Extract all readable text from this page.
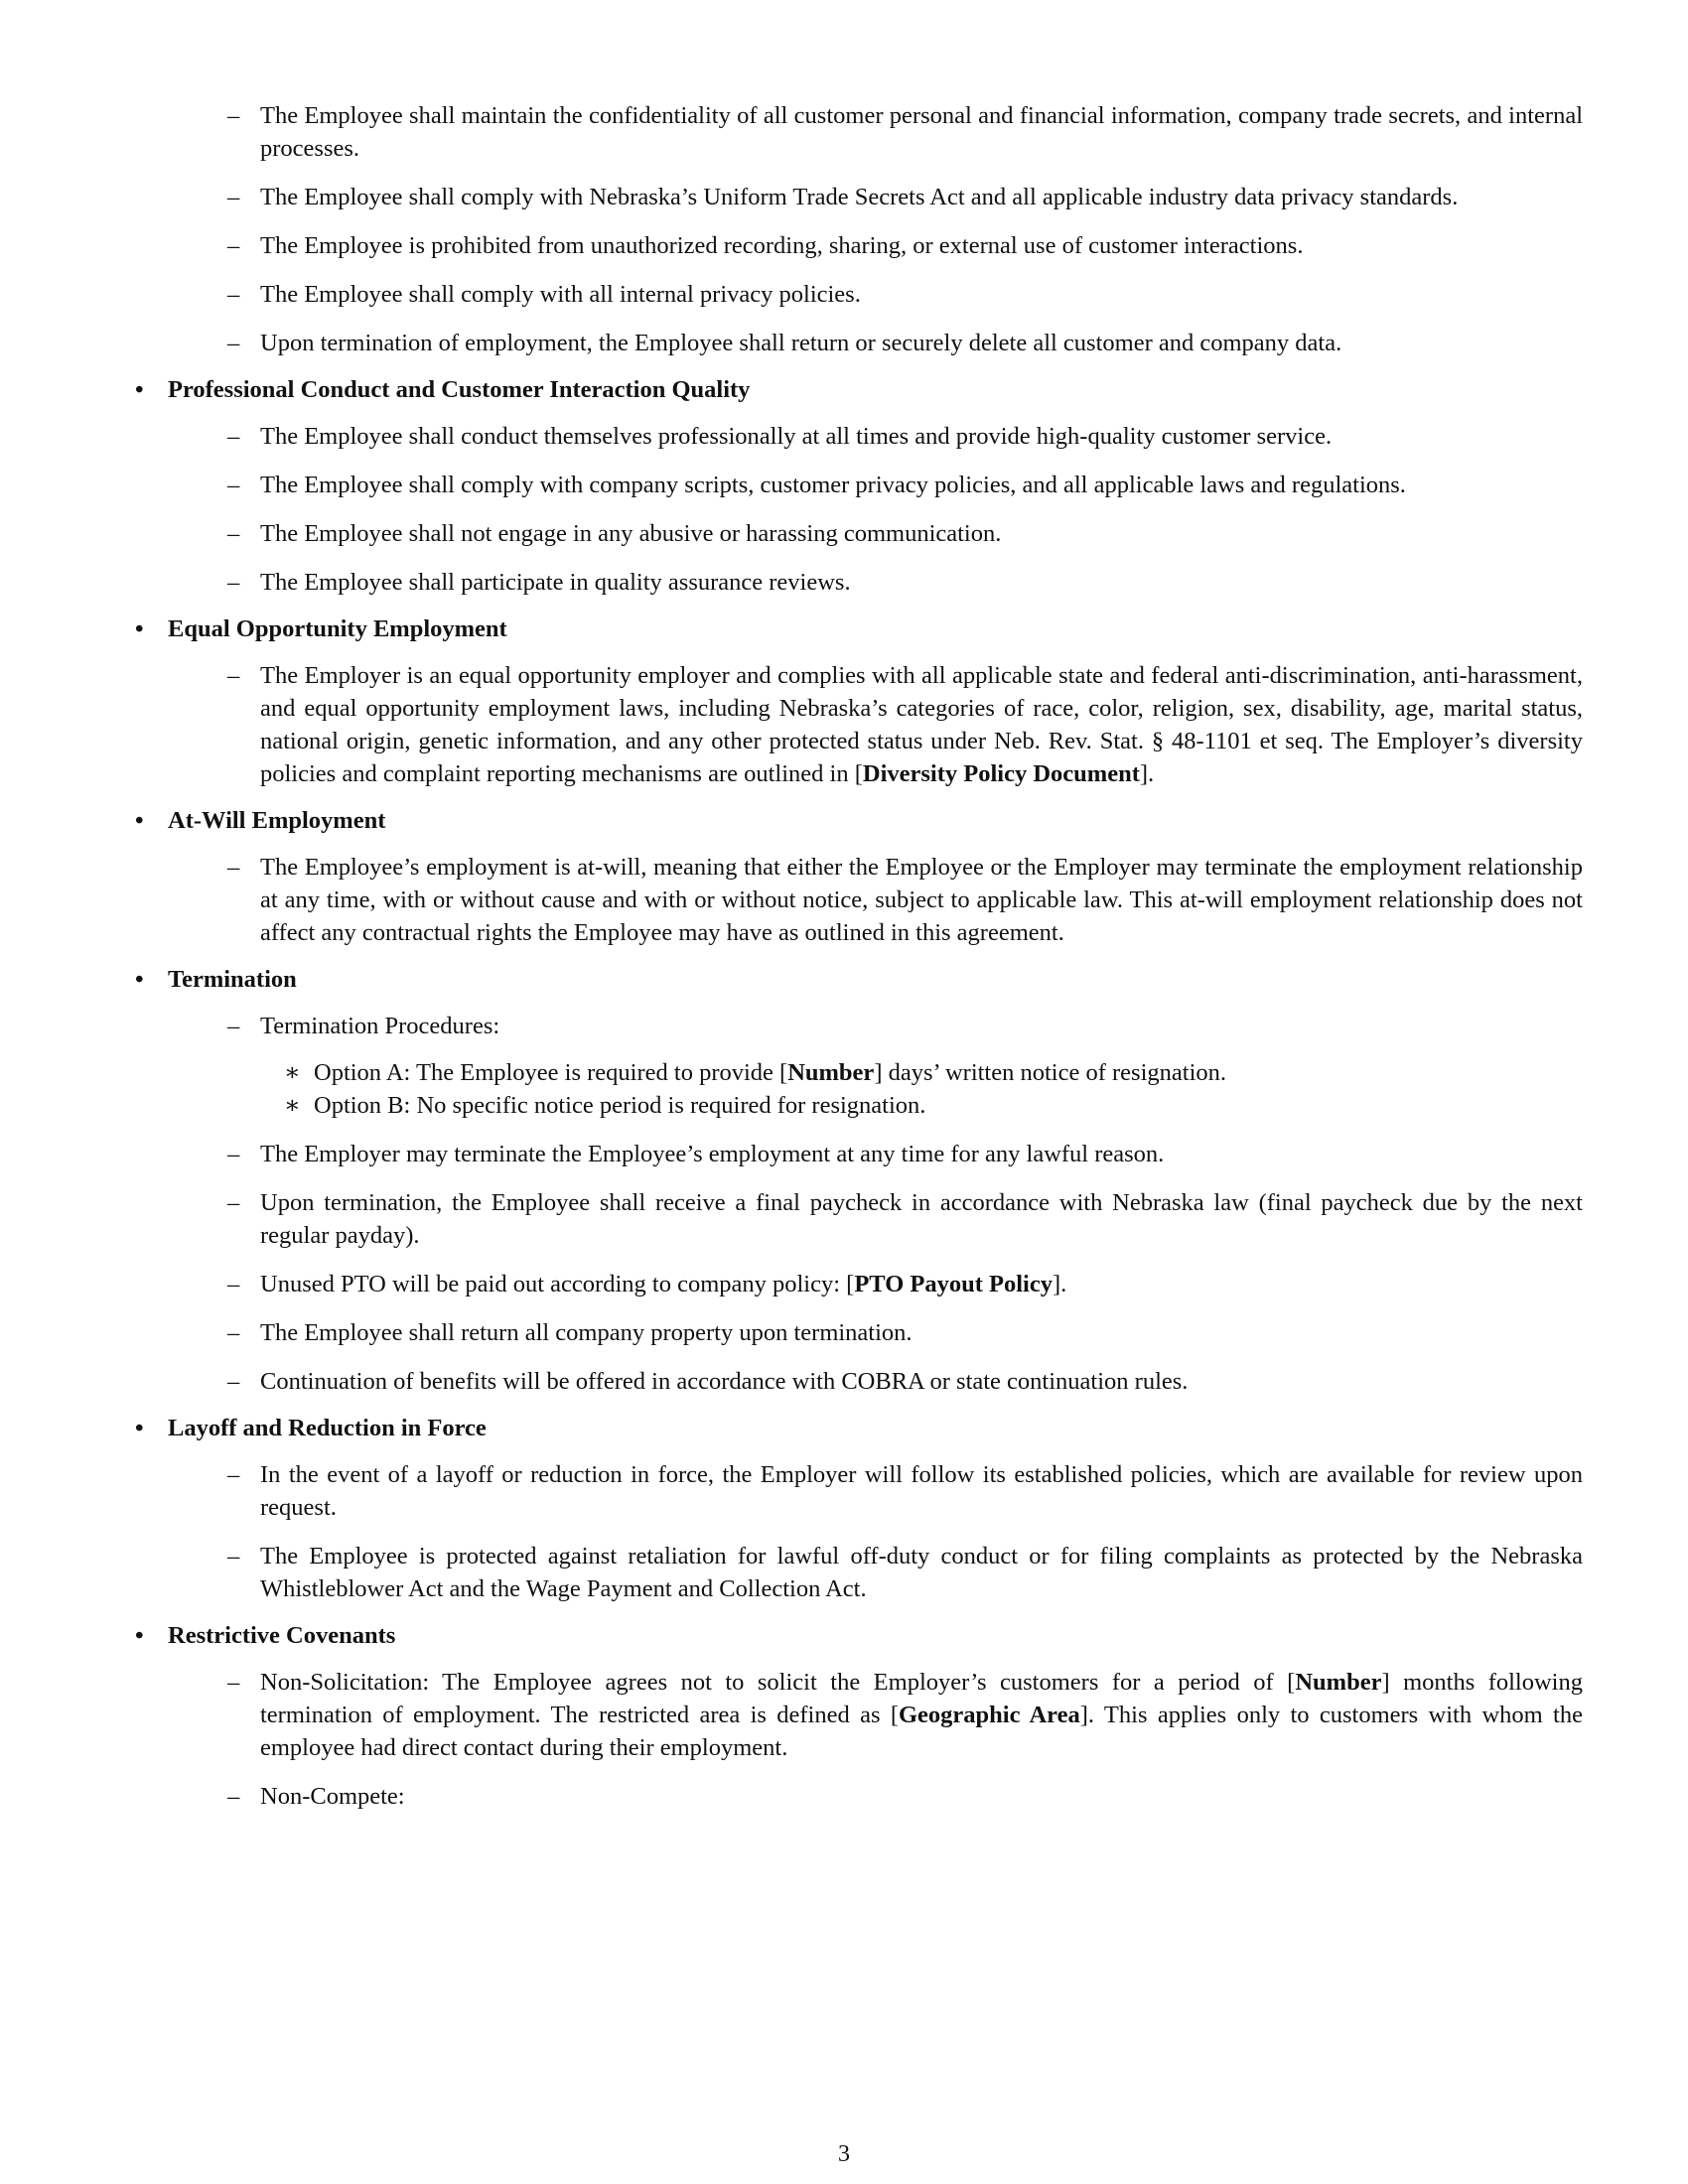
– The Employee shall maintain the confidentiality of all customer personal and financial information, company trade secrets, and internal processes.
– The Employee shall comply with Nebraska’s Uniform Trade Secrets Act and all applicable industry data privacy standards.
– The Employee is prohibited from unauthorized recording, sharing, or external use of customer interactions.
– The Employee shall comply with all internal privacy policies.
– Upon termination of employment, the Employee shall return or securely delete all customer and company data.
• Professional Conduct and Customer Interaction Quality
– The Employee shall conduct themselves professionally at all times and provide high-quality customer service.
– The Employee shall comply with company scripts, customer privacy policies, and all applicable laws and regulations.
– The Employee shall not engage in any abusive or harassing communication.
– The Employee shall participate in quality assurance reviews.
• Equal Opportunity Employment
– The Employer is an equal opportunity employer and complies with all applicable state and federal anti-discrimination, anti-harassment, and equal opportunity employment laws, including Nebraska’s categories of race, color, religion, sex, disability, age, marital status, national origin, genetic information, and any other protected status under Neb. Rev. Stat. § 48-1101 et seq. The Employer’s diversity policies and complaint reporting mechanisms are outlined in [Diversity Policy Document].
• At-Will Employment
– The Employee’s employment is at-will, meaning that either the Employee or the Employer may terminate the employment relationship at any time, with or without cause and with or without notice, subject to applicable law. This at-will employment relationship does not affect any contractual rights the Employee may have as outlined in this agreement.
• Termination
– Termination Procedures:
∗ Option A: The Employee is required to provide [Number] days’ written notice of resignation.
∗ Option B: No specific notice period is required for resignation.
– The Employer may terminate the Employee’s employment at any time for any lawful reason.
– Upon termination, the Employee shall receive a final paycheck in accordance with Nebraska law (final paycheck due by the next regular payday).
– Unused PTO will be paid out according to company policy: [PTO Payout Policy].
– The Employee shall return all company property upon termination.
– Continuation of benefits will be offered in accordance with COBRA or state continuation rules.
• Layoff and Reduction in Force
– In the event of a layoff or reduction in force, the Employer will follow its established policies, which are available for review upon request.
– The Employee is protected against retaliation for lawful off-duty conduct or for filing complaints as protected by the Nebraska Whistleblower Act and the Wage Payment and Collection Act.
• Restrictive Covenants
– Non-Solicitation: The Employee agrees not to solicit the Employer’s customers for a period of [Number] months following termination of employment. The restricted area is defined as [Geographic Area]. This applies only to customers with whom the employee had direct contact during their employment.
– Non-Compete:
3
